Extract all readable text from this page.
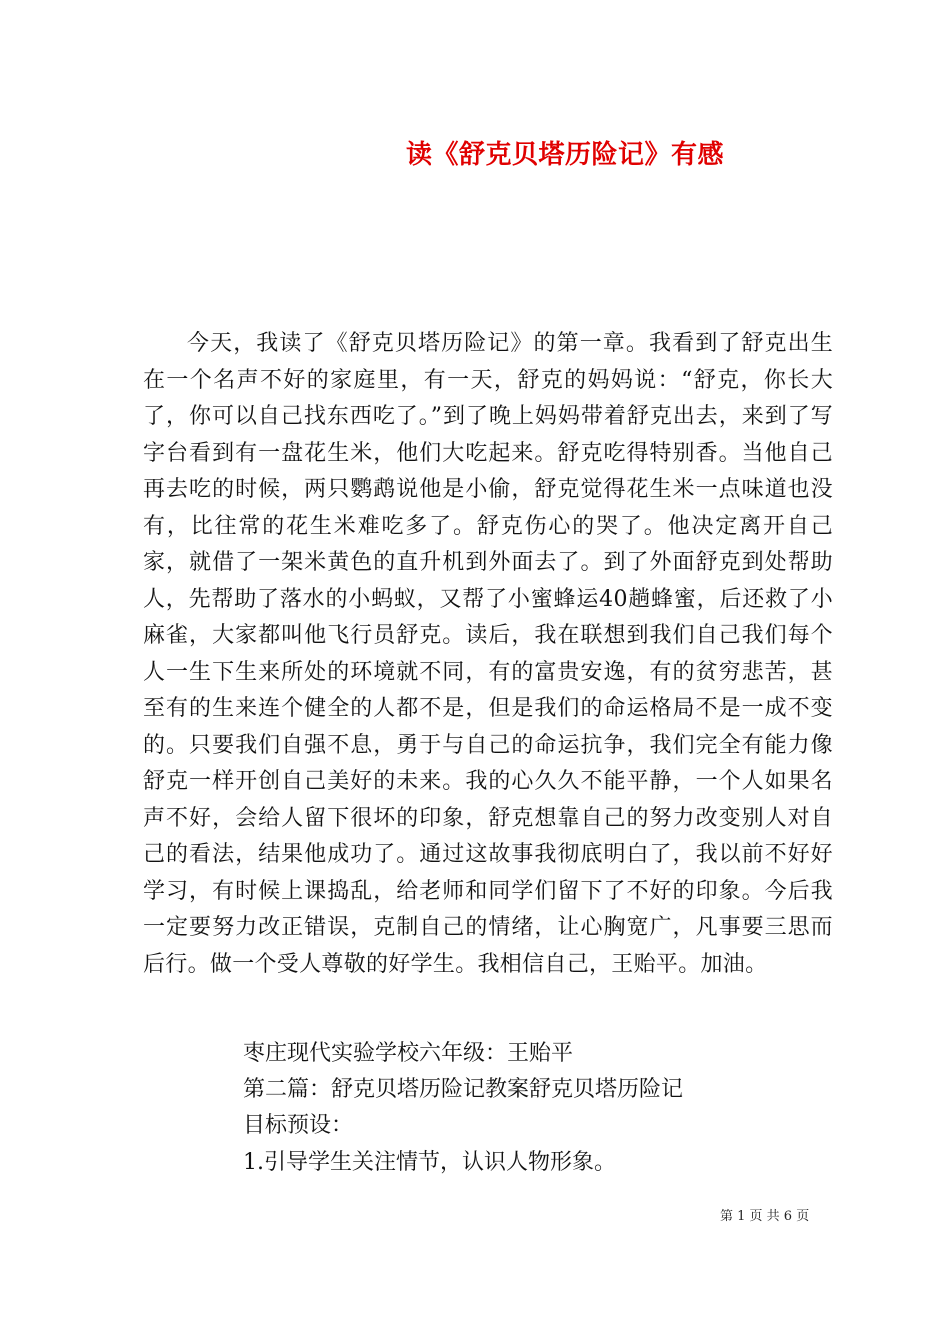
读《舒克贝塔历险记》有感
今天，我读了《舒克贝塔历险记》的第一章。我看到了舒克出生在一个名声不好的家庭里，有一天，舒克的妈妈说：“舒克，你长大了，你可以自己找东西吃了。”到了晚上妈妈带着舒克出去，来到了写字台看到有一盘花生米，他们大吃起来。舒克吃得特别香。当他自己再去吃的时候，两只鹦鹉说他是小偷，舒克觉得花生米一点味道也没有，比往常的花生米难吃多了。舒克伤心的哭了。他决定离开自己家，就借了一架米黄色的直升机到外面去了。到了外面舒克到处帮助人，先帮助了落水的小蚂蚁，又帮了小蜜蜂运40趟蜂蜜，后还救了小麻雀，大家都叫他飞行员舒克。读后，我在联想到我们自己我们每个人一生下生来所处的环境就不同，有的富贵安逸，有的贫穷悲苦，甚至有的生来连个健全的人都不是，但是我们的命运格局不是一成不变的。只要我们自强不息，勇于与自己的命运抗争，我们完全有能力像舒克一样开创自己美好的未来。我的心久久不能平静，一个人如果名声不好，会给人留下很坏的印象，舒克想靠自己的努力改变别人对自己的看法，结果他成功了。通过这故事我彻底明白了，我以前不好好学习，有时候上课捣乱，给老师和同学们留下了不好的印象。今后我一定要努力改正错误，克制自己的情绪，让心胸宽广，凡事要三思而后行。做一个受人尊敬的好学生。我相信自己，王贻平。加油。
枣庄现代实验学校六年级：王贻平
第二篇：舒克贝塔历险记教案舒克贝塔历险记
目标预设：
1.引导学生关注情节，认识人物形象。
第 1 页 共 6 页
